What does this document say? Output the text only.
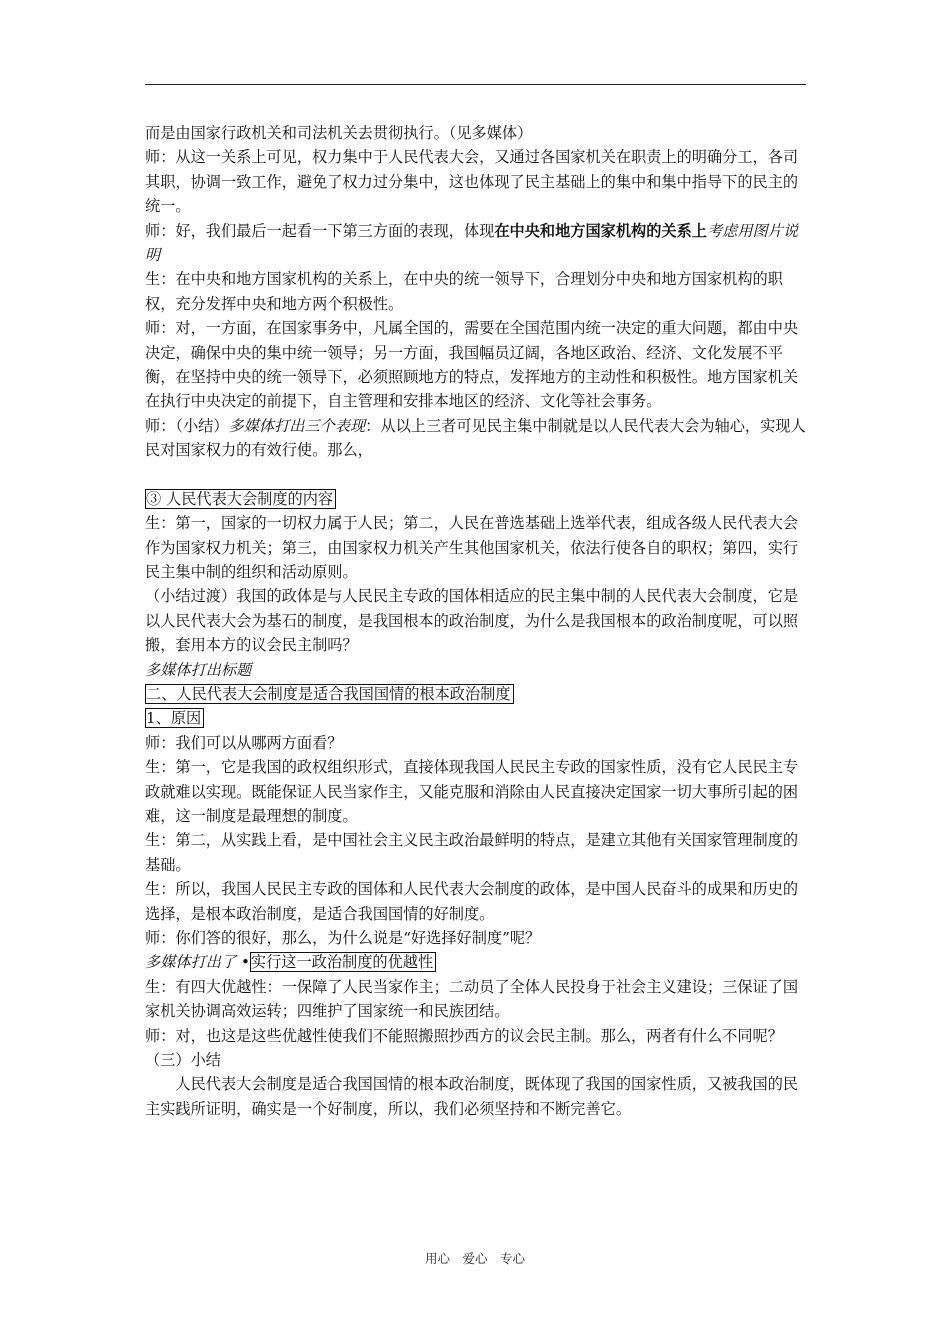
而是由国家行政机关和司法机关去贯彻执行。（见多媒体）

师：从这一关系上可见，权力集中于人民代表大会，又通过各国家机关在职责上的明确分工，各司其职，协调一致工作，避免了权力过分集中，这也体现了民主基础上的集中和集中指导下的民主的统一。

师：好，我们最后一起看一下第三方面的表现，体现在中央和地方国家机构的关系上考虑用图片说明

生：在中央和地方国家机构的关系上，在中央的统一领导下，合理划分中央和地方国家机构的职权，充分发挥中央和地方两个积极性。

师：对，一方面，在国家事务中，凡属全国的，需要在全国范围内统一决定的重大问题，都由中央决定，确保中央的集中统一领导；另一方面，我国幅员辽阔，各地区政治、经济、文化发展不平衡，在坚持中央的统一领导下，必须照顾地方的特点，发挥地方的主动性和积极性。地方国家机关在执行中央决定的前提下，自主管理和安排本地区的经济、文化等社会事务。

师：（小结）多媒体打出三个表现：从以上三者可见民主集中制就是以人民代表大会为轴心，实现人民对国家权力的有效行使。那么，

③ 人民代表大会制度的内容

生：第一，国家的一切权力属于人民；第二，人民在普选基础上选举代表，组成各级人民代表大会作为国家权力机关；第三，由国家权力机关产生其他国家机关，依法行使各自的职权；第四，实行民主集中制的组织和活动原则。

（小结过渡）我国的政体是与人民民主专政的国体相适应的民主集中制的人民代表大会制度，它是以人民代表大会为基石的制度，是我国根本的政治制度，为什么是我国根本的政治制度呢，可以照搬，套用本方的议会民主制吗？

多媒体打出标题

二、人民代表大会制度是适合我国国情的根本政治制度

1、原因

师：我们可以从哪两方面看？

生：第一，它是我国的政权组织形式，直接体现我国人民民主专政的国家性质，没有它人民民主专政就难以实现。既能保证人民当家作主，又能克服和消除由人民直接决定国家一切大事所引起的困难，这一制度是最理想的制度。

生：第二，从实践上看，是中国社会主义民主政治最鲜明的特点，是建立其他有关国家管理制度的基础。

生：所以，我国人民民主专政的国体和人民代表大会制度的政体，是中国人民奋斗的成果和历史的选择，是根本政治制度，是适合我国国情的好制度。

师：你们答的很好，那么，为什么说是“好选择好制度”呢？

多媒体打出了 •实行这一政治制度的优越性

生：有四大优越性：一保障了人民当家作主；二动员了全体人民投身于社会主义建设；三保证了国家机关协调高效运转；四维护了国家统一和民族团结。

师：对，也这是这些优越性使我们不能照搬照抄西方的议会民主制。那么，两者有什么不同呢？

（三）小结

人民代表大会制度是适合我国国情的根本政治制度，既体现了我国的国家性质，又被我国的民主实践所证明，确实是一个好制度，所以，我们必须坚持和不断完善它。

用心　爱心　专心
